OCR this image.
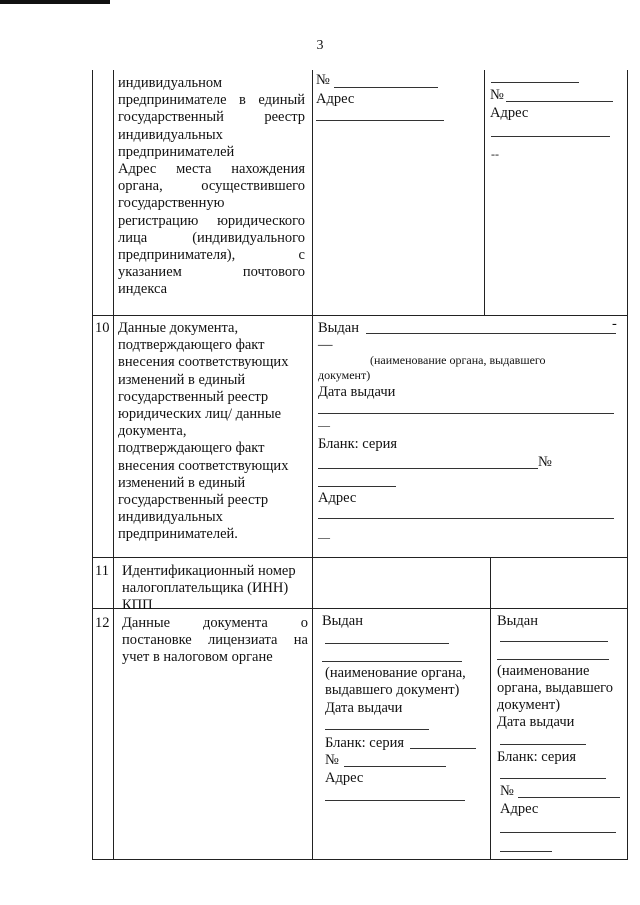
3
индивидуальном
предпринимателе в единый
государственный реестр
индивидуальных
предпринимателей
Адрес места нахождения
органа, осуществившего
государственную
регистрацию юридического
лица (индивидуального
предпринимателя), с
указанием почтового
индекса
№
Адрес	№
Адрес
--
10 Данные документа,
подтверждающего факт
внесения соответствующих
изменений в единый
государственный реестр
юридических лиц/ данные
документа,
подтверждающего факт
внесения соответствующих
изменений в единый
государственный реестр
индивидуальных
предпринимателей.
Выдан	-
—
(наименование органа, выдавшего
документ)
Дата выдачи
—
Бланк: серия
№
Адрес
—
11 Идентификационный номер
налогоплательщика (ИНН)
КПП
12 Данные документа о
постановке лицензиата на
учет в налоговом органе
Выдан
(наименование органа,
выдавшего документ)
Дата выдачи
Бланк: серия
№
Адрес
Выдан
(наименование
органа, выдавшего
документ)
Дата выдачи
Бланк: серия
№
Адрес
